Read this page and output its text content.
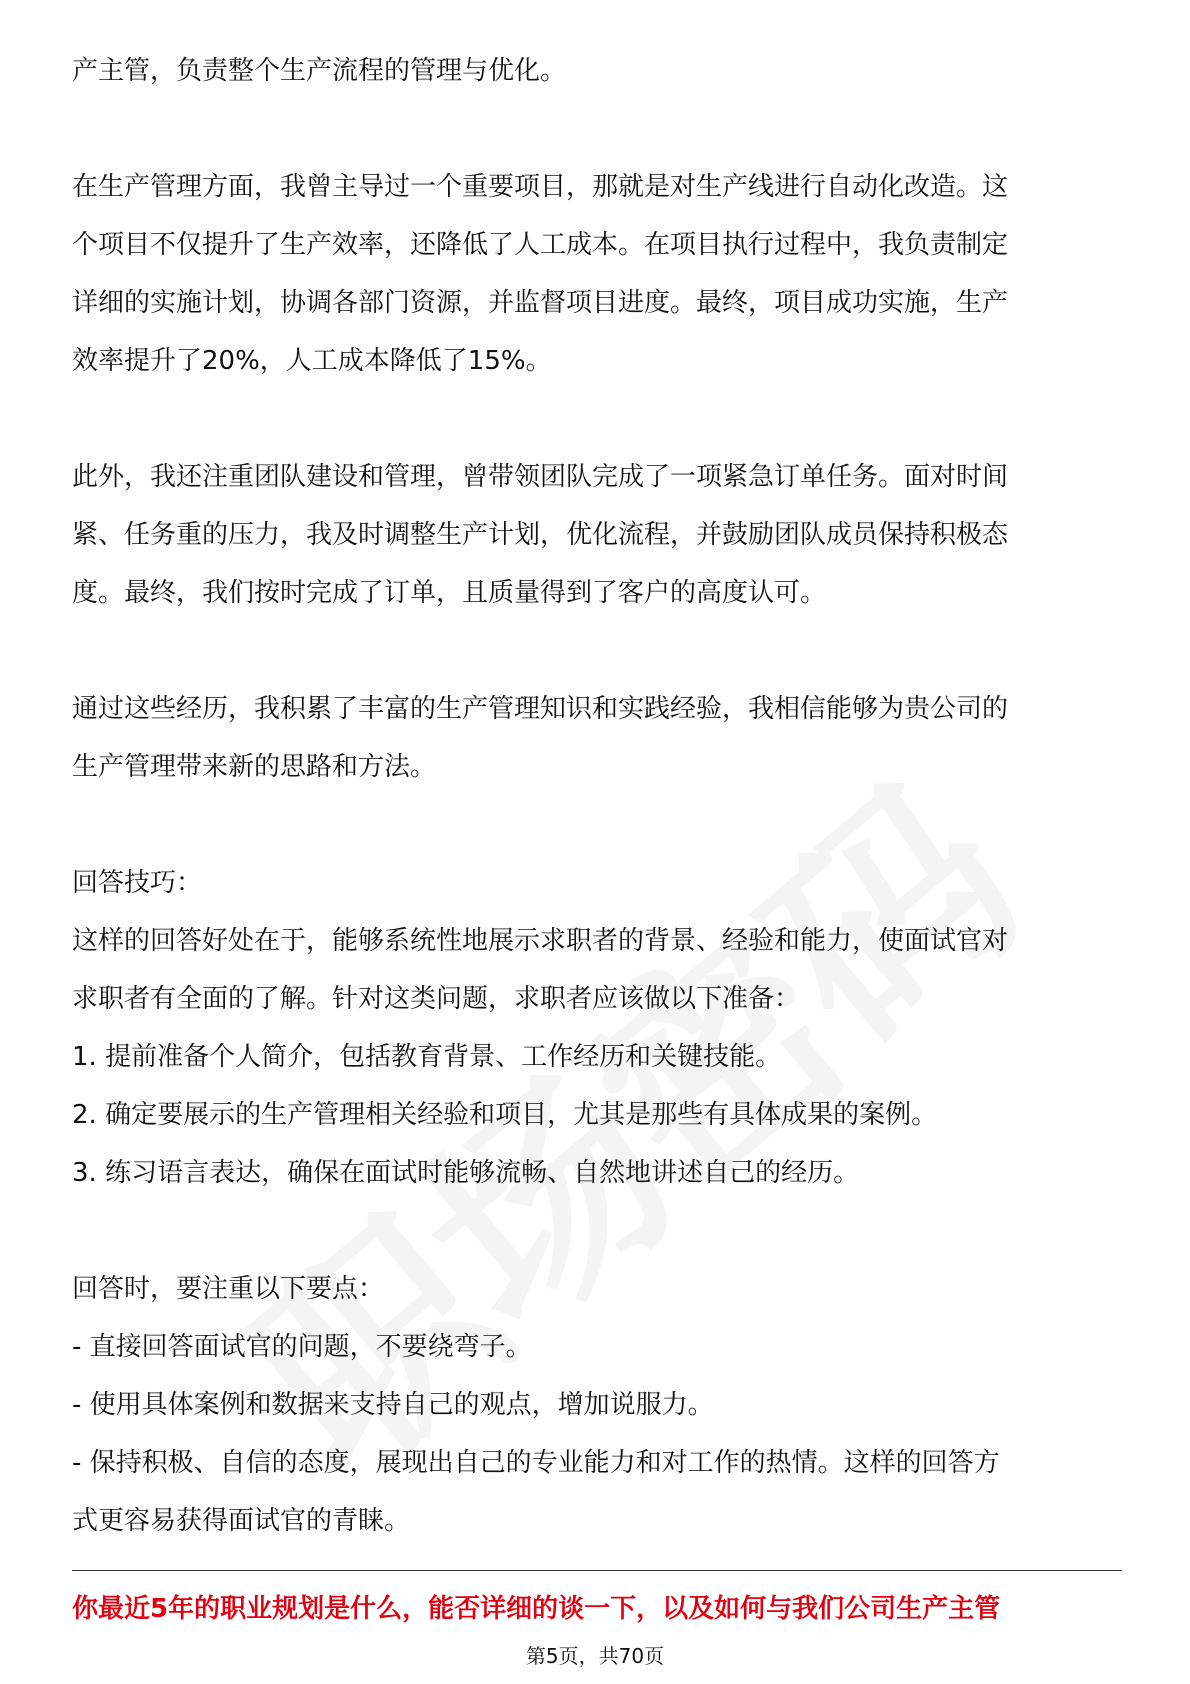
产主管，负责整个生产流程的管理与优化。
在生产管理方面，我曾主导过一个重要项目，那就是对生产线进行自动化改造。这
个项目不仅提升了生产效率，还降低了人工成本。在项目执行过程中，我负责制定
详细的实施计划，协调各部门资源，并监督项目进度。最终，项目成功实施，生产
效率提升了20%，人工成本降低了15%。
此外，我还注重团队建设和管理，曾带领团队完成了一项紧急订单任务。面对时间
紧、任务重的压力，我及时调整生产计划，优化流程，并鼓励团队成员保持积极态
度。最终，我们按时完成了订单，且质量得到了客户的高度认可。
通过这些经历，我积累了丰富的生产管理知识和实践经验，我相信能够为贵公司的
生产管理带来新的思路和方法。
回答技巧：
这样的回答好处在于，能够系统性地展示求职者的背景、经验和能力，使面试官对
求职者有全面的了解。针对这类问题，求职者应该做以下准备：
1. 提前准备个人简介，包括教育背景、工作经历和关键技能。
2. 确定要展示的生产管理相关经验和项目，尤其是那些有具体成果的案例。
3. 练习语言表达，确保在面试时能够流畅、自然地讲述自己的经历。
回答时，要注重以下要点：
- 直接回答面试官的问题，不要绕弯子。
- 使用具体案例和数据来支持自己的观点，增加说服力。
- 保持积极、自信的态度，展现出自己的专业能力和对工作的热情。这样的回答方
式更容易获得面试官的青睐。
你最近5年的职业规划是什么，能否详细的谈一下，以及如何与我们公司生产主管
第5页，共70页
